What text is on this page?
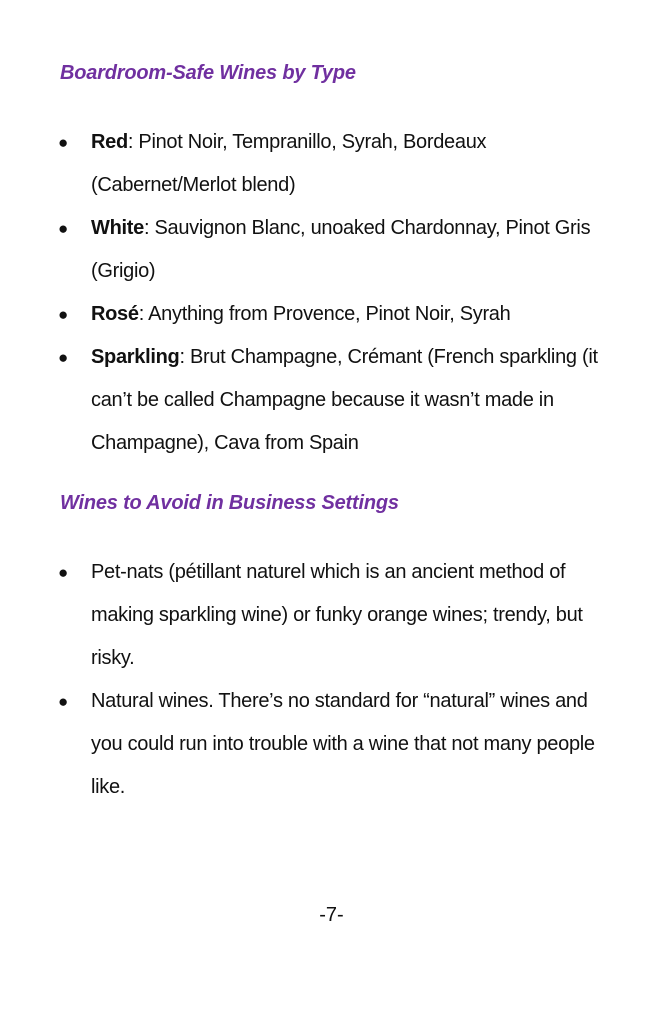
Boardroom-Safe Wines by Type
● Red: Pinot Noir, Tempranillo, Syrah, Bordeaux (Cabernet/Merlot blend)
● White: Sauvignon Blanc, unoaked Chardonnay, Pinot Gris (Grigio)
● Rosé: Anything from Provence, Pinot Noir, Syrah
● Sparkling: Brut Champagne, Crémant (French sparkling (it can’t be called Champagne because it wasn’t made in Champagne), Cava from Spain
Wines to Avoid in Business Settings
● Pet-nats (pétillant naturel which is an ancient method of making sparkling wine) or funky orange wines; trendy, but risky.
● Natural wines. There’s no standard for “natural” wines and you could run into trouble with a wine that not many people like.
-7-
